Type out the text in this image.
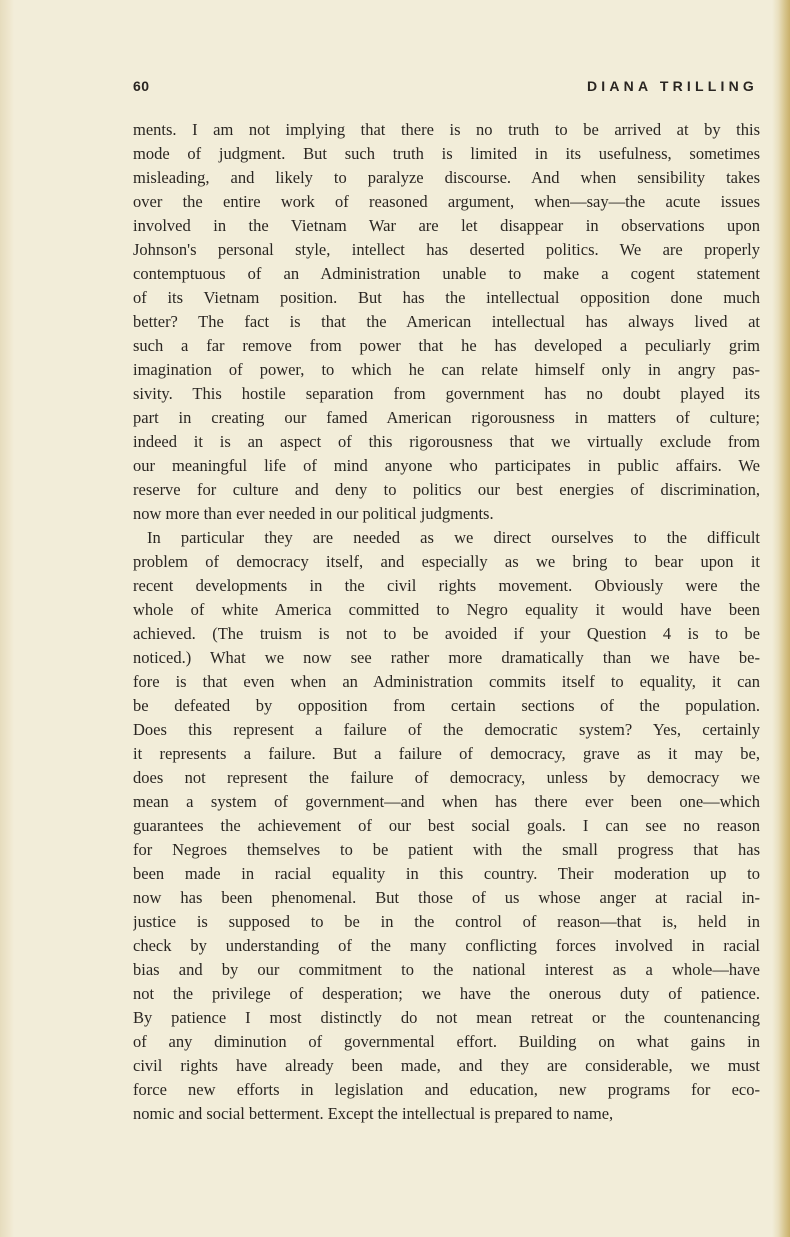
60	DIANA TRILLING
ments. I am not implying that there is no truth to be arrived at by this
mode of judgment. But such truth is limited in its usefulness, sometimes
misleading, and likely to paralyze discourse. And when sensibility takes
over the entire work of reasoned argument, when—say—the acute issues
involved in the Vietnam War are let disappear in observations upon
Johnson's personal style, intellect has deserted politics. We are properly
contemptuous of an Administration unable to make a cogent statement
of its Vietnam position. But has the intellectual opposition done much
better? The fact is that the American intellectual has always lived at
such a far remove from power that he has developed a peculiarly grim
imagination of power, to which he can relate himself only in angry pas-
sivity. This hostile separation from government has no doubt played its
part in creating our famed American rigorousness in matters of culture;
indeed it is an aspect of this rigorousness that we virtually exclude from
our meaningful life of mind anyone who participates in public affairs. We
reserve for culture and deny to politics our best energies of discrimination,
now more than ever needed in our political judgments.
In particular they are needed as we direct ourselves to the difficult
problem of democracy itself, and especially as we bring to bear upon it
recent developments in the civil rights movement. Obviously were the
whole of white America committed to Negro equality it would have been
achieved. (The truism is not to be avoided if your Question 4 is to be
noticed.) What we now see rather more dramatically than we have be-
fore is that even when an Administration commits itself to equality, it can
be defeated by opposition from certain sections of the population.
Does this represent a failure of the democratic system? Yes, certainly
it represents a failure. But a failure of democracy, grave as it may be,
does not represent the failure of democracy, unless by democracy we
mean a system of government—and when has there ever been one—which
guarantees the achievement of our best social goals. I can see no reason
for Negroes themselves to be patient with the small progress that has
been made in racial equality in this country. Their moderation up to
now has been phenomenal. But those of us whose anger at racial in-
justice is supposed to be in the control of reason—that is, held in
check by understanding of the many conflicting forces involved in racial
bias and by our commitment to the national interest as a whole—have
not the privilege of desperation; we have the onerous duty of patience.
By patience I most distinctly do not mean retreat or the countenancing
of any diminution of governmental effort. Building on what gains in
civil rights have already been made, and they are considerable, we must
force new efforts in legislation and education, new programs for eco-
nomic and social betterment. Except the intellectual is prepared to name,
